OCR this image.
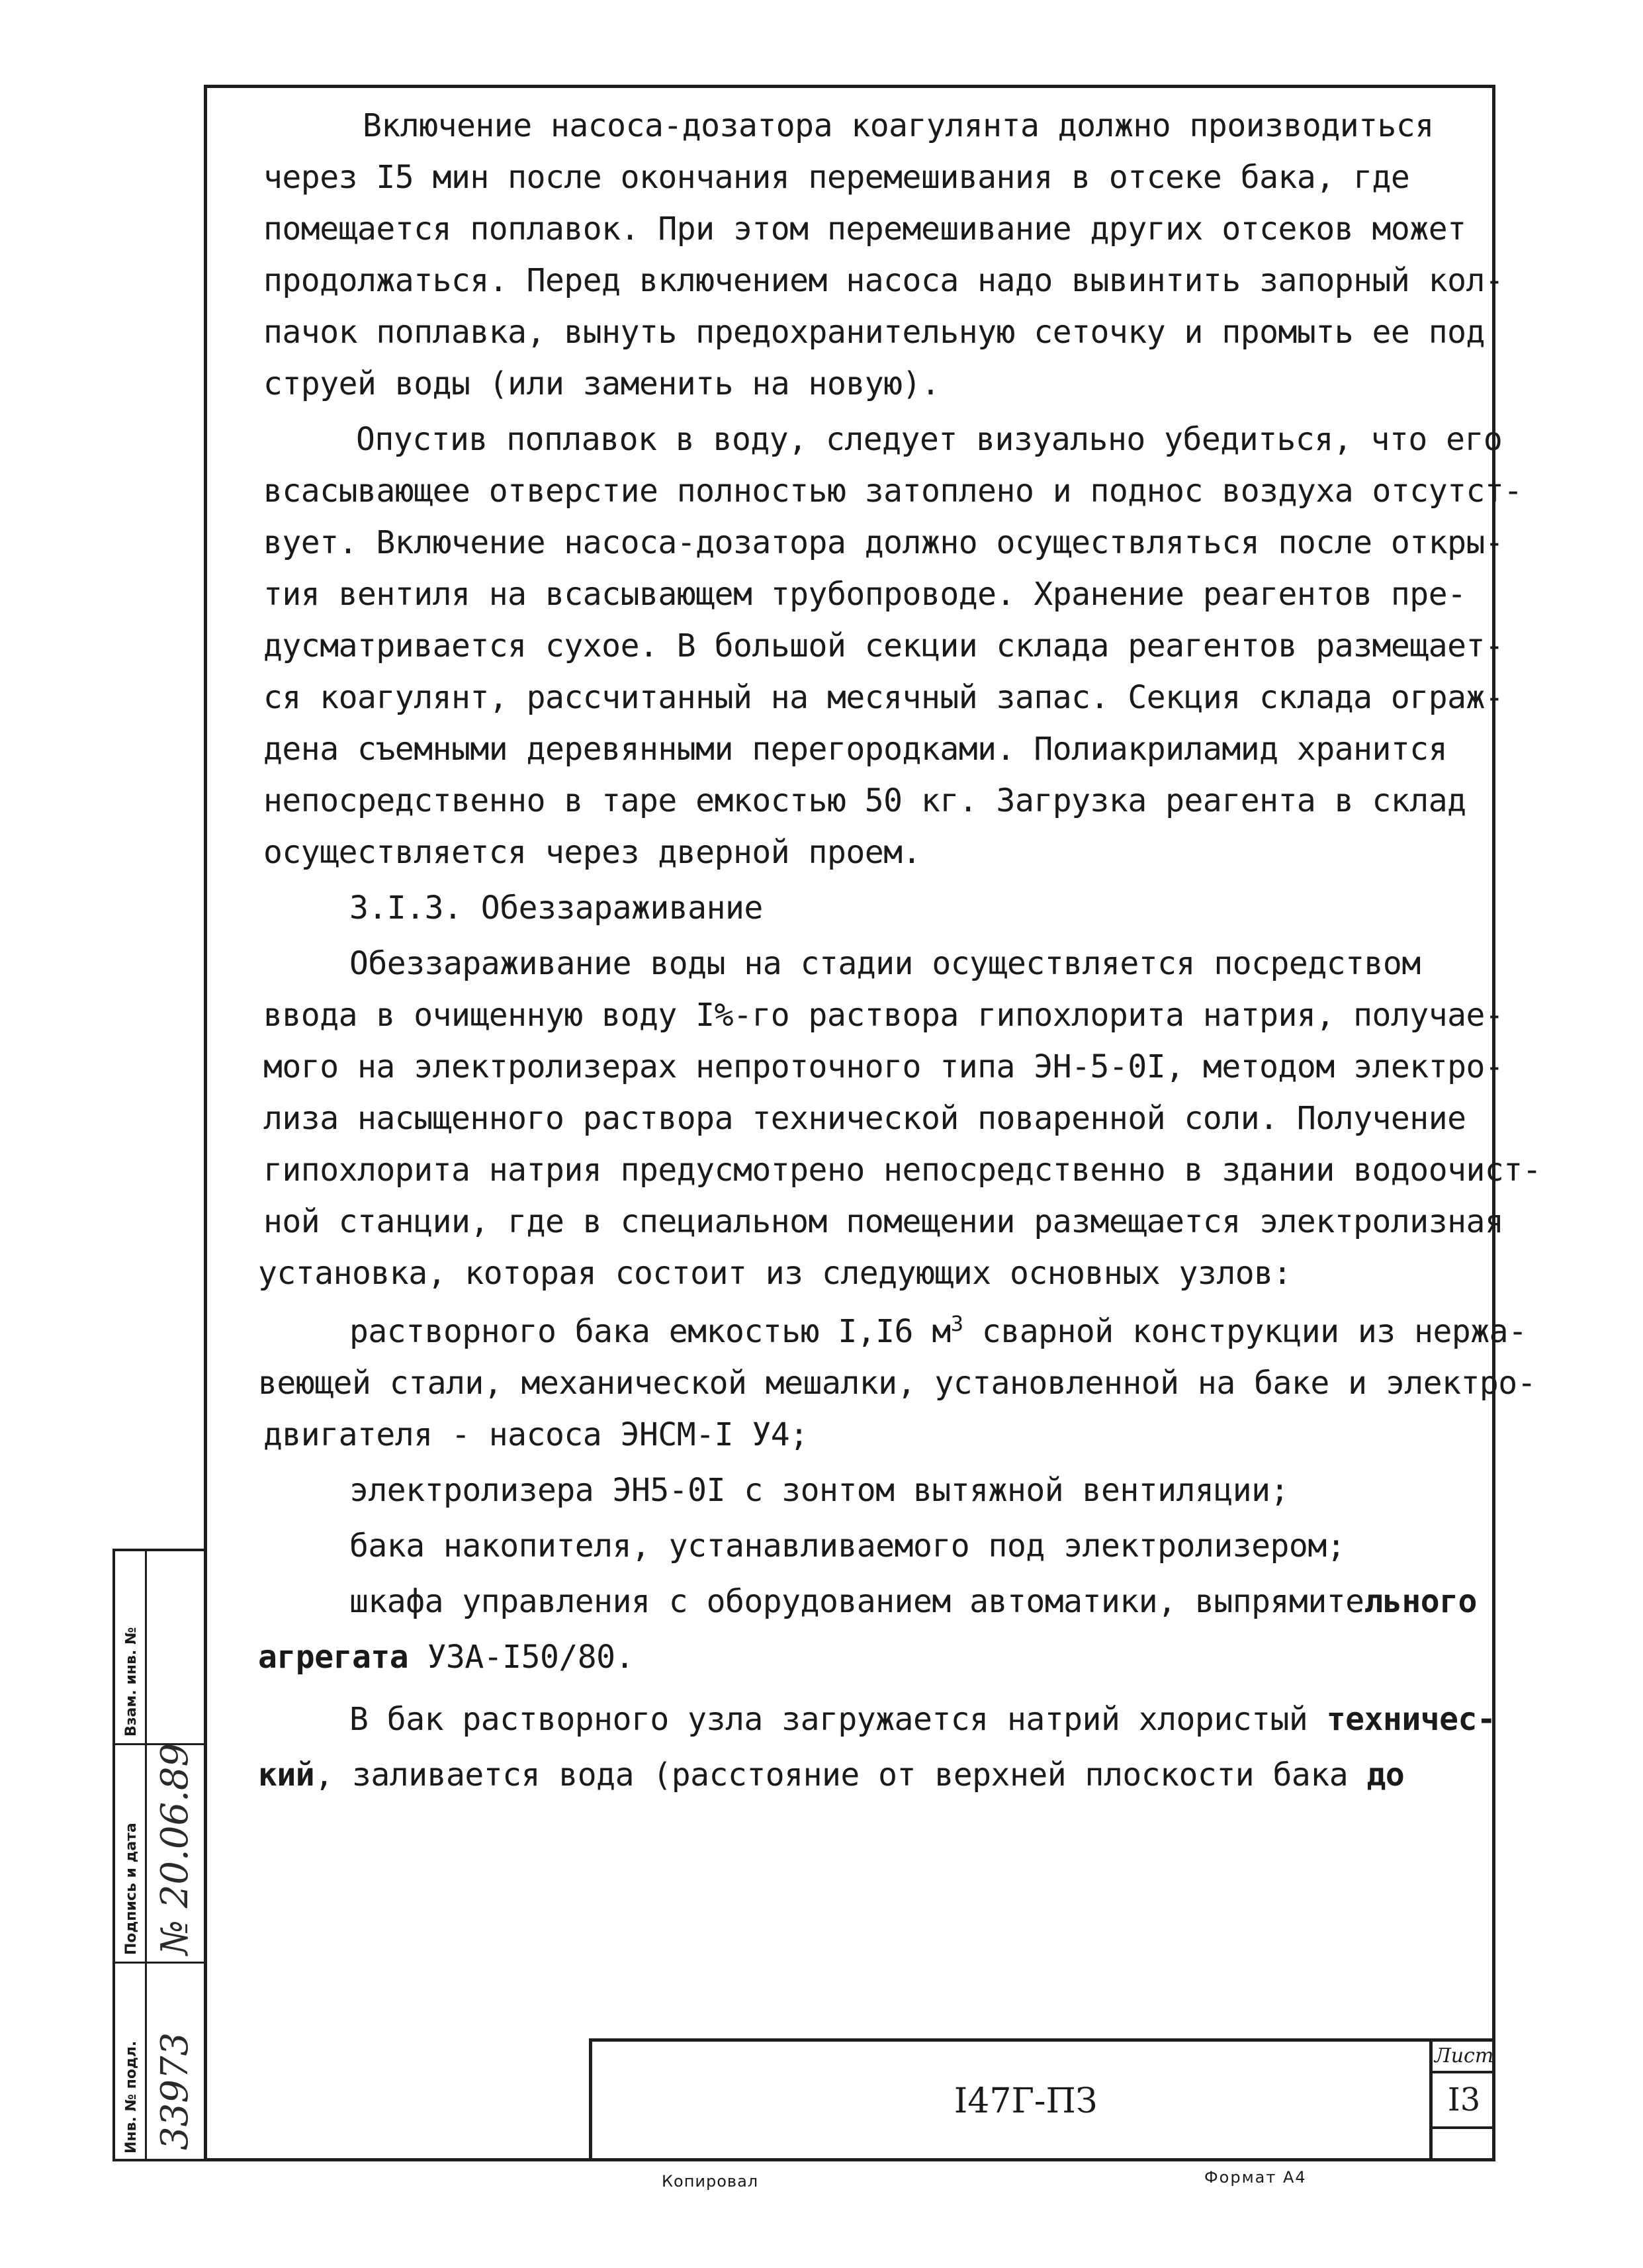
Включение насоса-дозатора коагулянта должно производиться
через I5 мин после окончания перемешивания в отсеке бака, где
помещается поплавок. При этом перемешивание других отсеков может
продолжаться. Перед включением насоса надо вывинтить запорный кол-
пачок поплавка, вынуть предохранительную сеточку и промыть ее под
струей воды (или заменить на новую).
Опустив поплавок в воду, следует визуально убедиться, что его
всасывающее отверстие полностью затоплено и поднос воздуха отсутст-
вует. Включение насоса-дозатора должно осуществляться после откры-
тия вентиля на всасывающем трубопроводе. Хранение реагентов пре-
дусматривается сухое. В большой секции склада реагентов размещает-
ся коагулянт, рассчитанный на месячный запас. Секция склада ограж-
дена съемными деревянными перегородками. Полиакриламид хранится
непосредственно в таре емкостью 50 кг. Загрузка реагента в склад
осуществляется через дверной проем.
3.I.3. Обеззараживание
Обеззараживание воды на стадии осуществляется посредством
ввода в очищенную воду I%-го раствора гипохлорита натрия, получае-
мого на электролизерах непроточного типа ЭН-5-0I, методом электро-
лиза насыщенного раствора технической поваренной соли. Получение
гипохлорита натрия предусмотрено непосредственно в здании водоочист-
ной станции, где в специальном помещении размещается электролизная
установка, которая состоит из следующих основных узлов:
растворного бака емкостью I,I6 $м^3$ сварной конструкции из нержа-
веющей стали, механической мешалки, установленной на баке и электро-
двигателя - насоса ЭНСМ-I У4;
электролизера ЭН5-0I с зонтом вытяжной вентиляции;
бака накопителя, устанавливаемого под электролизером;
шкафа управления с оборудованием автоматики, выпрямительного
агрегата УЗА-I50/80.
В бак растворного узла загружается натрий хлористый техничес-
кий, заливается вода (расстояние от верхней плоскости бака до
I47Г-ПЗ
Лист
I3
Взам. инв. №
Подпись и дата
Инв. № подл.
№ 20.06.89
33973
Копировал	Формат А4
